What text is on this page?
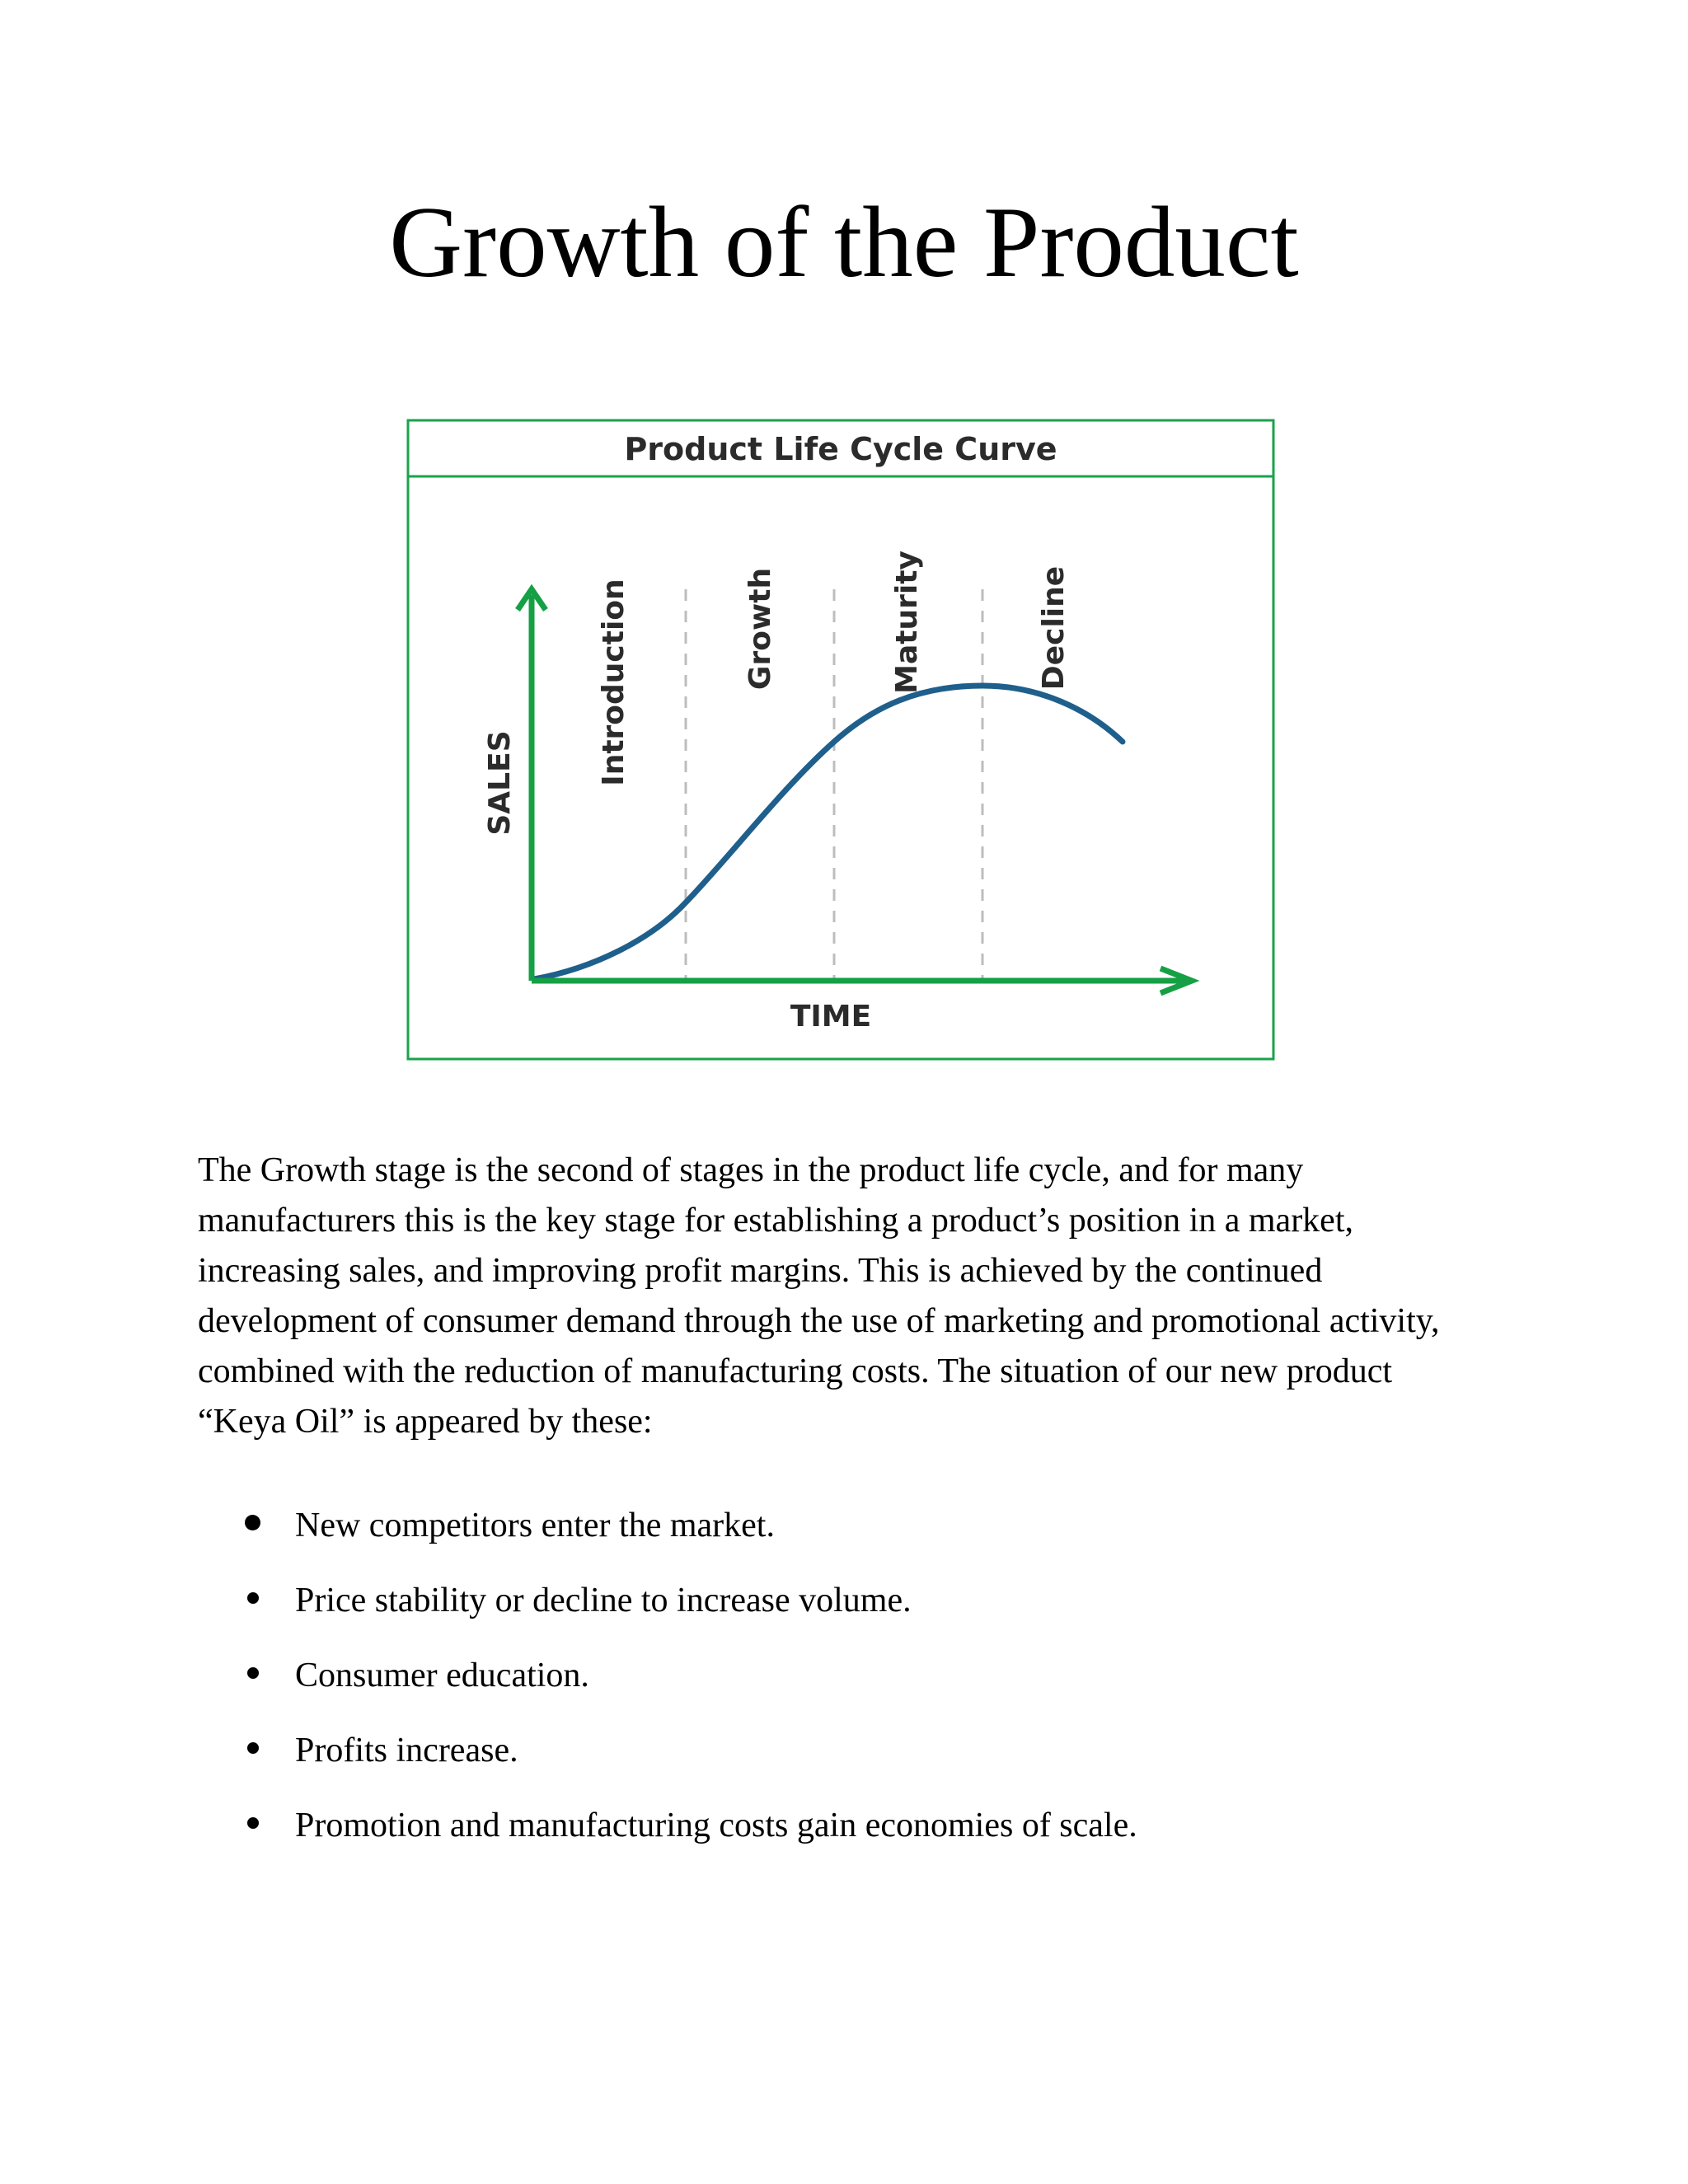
Growth of the Product
Product Life Cycle Curve
Introduction	Growth	Maturity	Decline
SALES
TIME

The Growth stage is the second of stages in the product life cycle, and for many manufacturers this is the key stage for establishing a product’s position in a market, increasing sales, and improving profit margins. This is achieved by the continued development of consumer demand through the use of marketing and promotional activity, combined with the reduction of manufacturing costs. The situation of our new product “Keya Oil” is appeared by these:

New competitors enter the market.
Price stability or decline to increase volume.
Consumer education.
Profits increase.
Promotion and manufacturing costs gain economies of scale.
